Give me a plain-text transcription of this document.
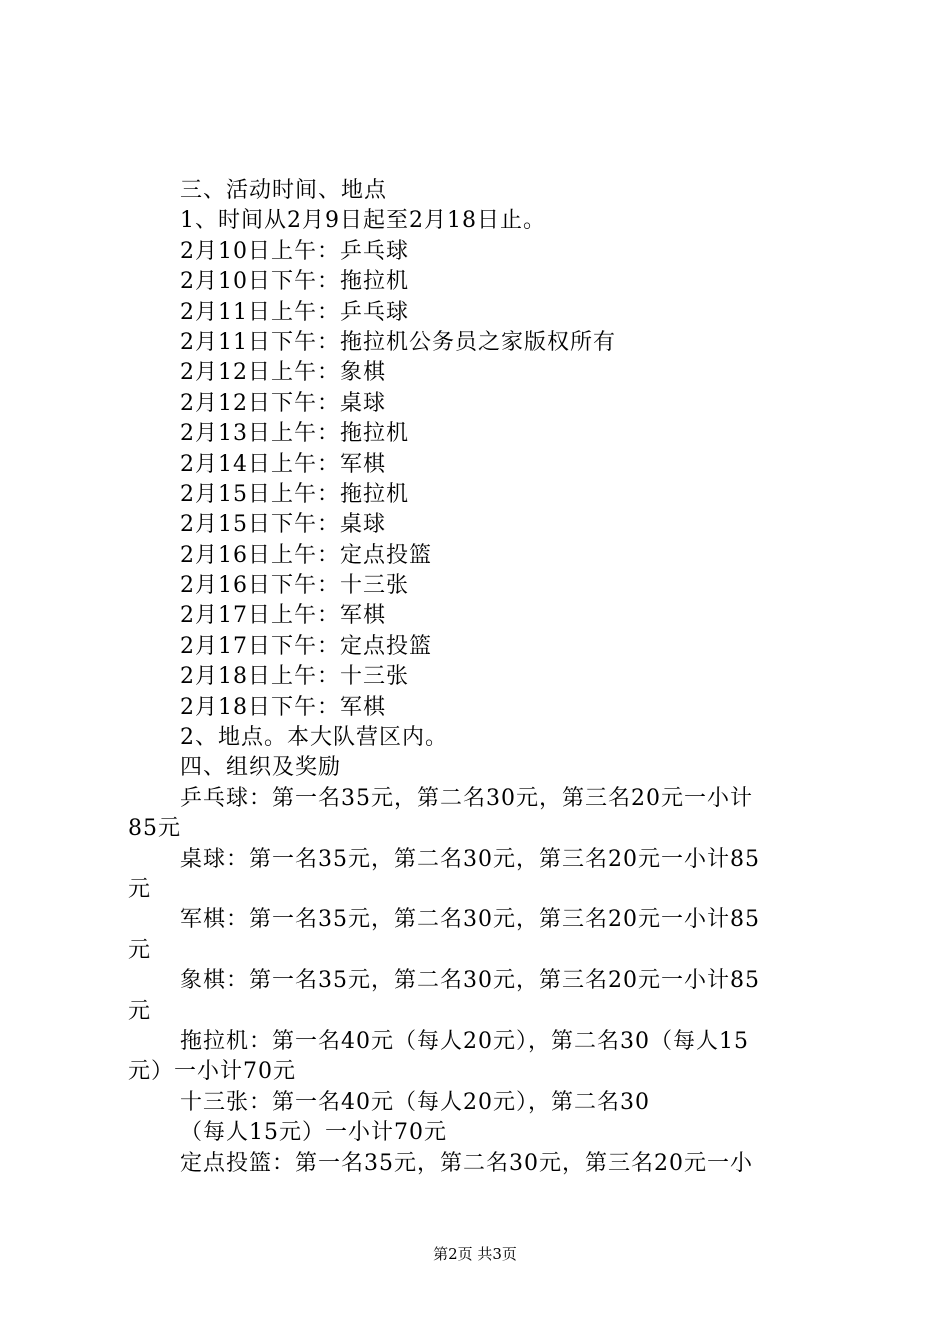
三、活动时间、地点
1、时间从2月9日起至2月18日止。
2月10日上午：乒乓球
2月10日下午：拖拉机
2月11日上午：乒乓球
2月11日下午：拖拉机公务员之家版权所有
2月12日上午：象棋
2月12日下午：桌球
2月13日上午：拖拉机
2月14日上午：军棋
2月15日上午：拖拉机
2月15日下午：桌球
2月16日上午：定点投篮
2月16日下午：十三张
2月17日上午：军棋
2月17日下午：定点投篮
2月18日上午：十三张
2月18日下午：军棋
2、地点。本大队营区内。
四、组织及奖励
乒乓球：第一名35元，第二名30元，第三名20元一小计
85元
桌球：第一名35元，第二名30元，第三名20元一小计85
元
军棋：第一名35元，第二名30元，第三名20元一小计85
元
象棋：第一名35元，第二名30元，第三名20元一小计85
元
拖拉机：第一名40元（每人20元），第二名30（每人15
元）一小计70元
十三张：第一名40元（每人20元），第二名30
（每人15元）一小计70元
定点投篮：第一名35元，第二名30元，第三名20元一小
第2页 共3页
